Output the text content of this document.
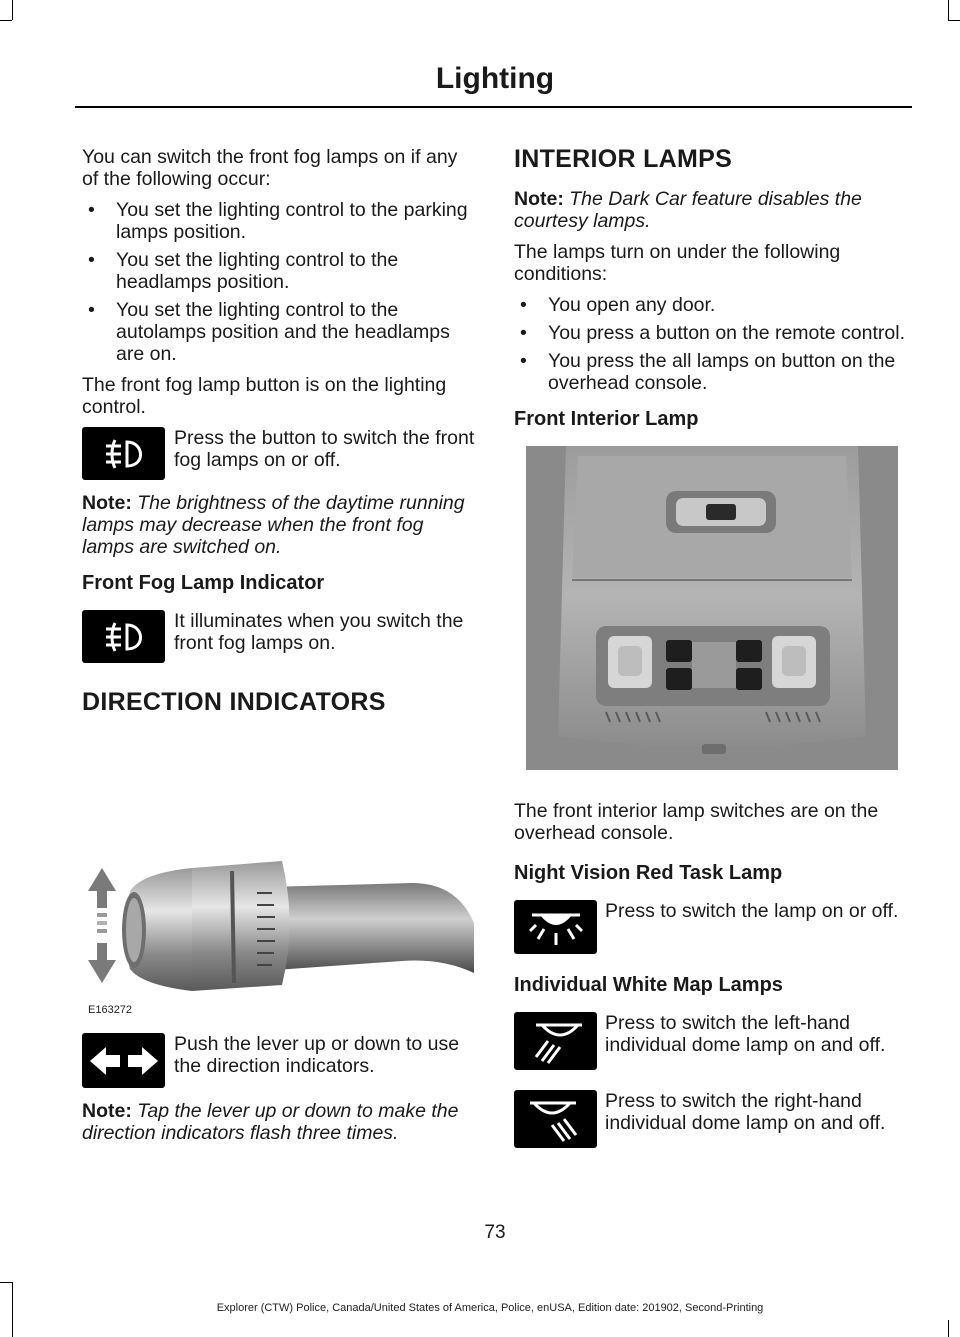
Lighting

You can switch the front fog lamps on if any of the following occur:

• You set the lighting control to the parking lamps position.
• You set the lighting control to the headlamps position.
• You set the lighting control to the autolamps position and the headlamps are on.

The front fog lamp button is on the lighting control.

Press the button to switch the front fog lamps on or off.

Note: The brightness of the daytime running lamps may decrease when the front fog lamps are switched on.

Front Fog Lamp Indicator
It illuminates when you switch the front fog lamps on.
DIRECTION INDICATORS
E163272
Push the lever up or down to use the direction indicators.

Note: Tap the lever up or down to make the direction indicators flash three times.

INTERIOR LAMPS

Note: The Dark Car feature disables the courtesy lamps.

The lamps turn on under the following conditions:

• You open any door.
• You press a button on the remote control.
• You press the all lamps on button on the overhead console.
Front Interior Lamp

The front interior lamp switches are on the overhead console.

Night Vision Red Task Lamp
Press to switch the lamp on or off.
Individual White Map Lamps
Press to switch the left-hand individual dome lamp on and off.
Press to switch the right-hand individual dome lamp on and off.
73
Explorer (CTW) Police, Canada/United States of America, Police, enUSA, Edition date: 201902, Second-Printing
